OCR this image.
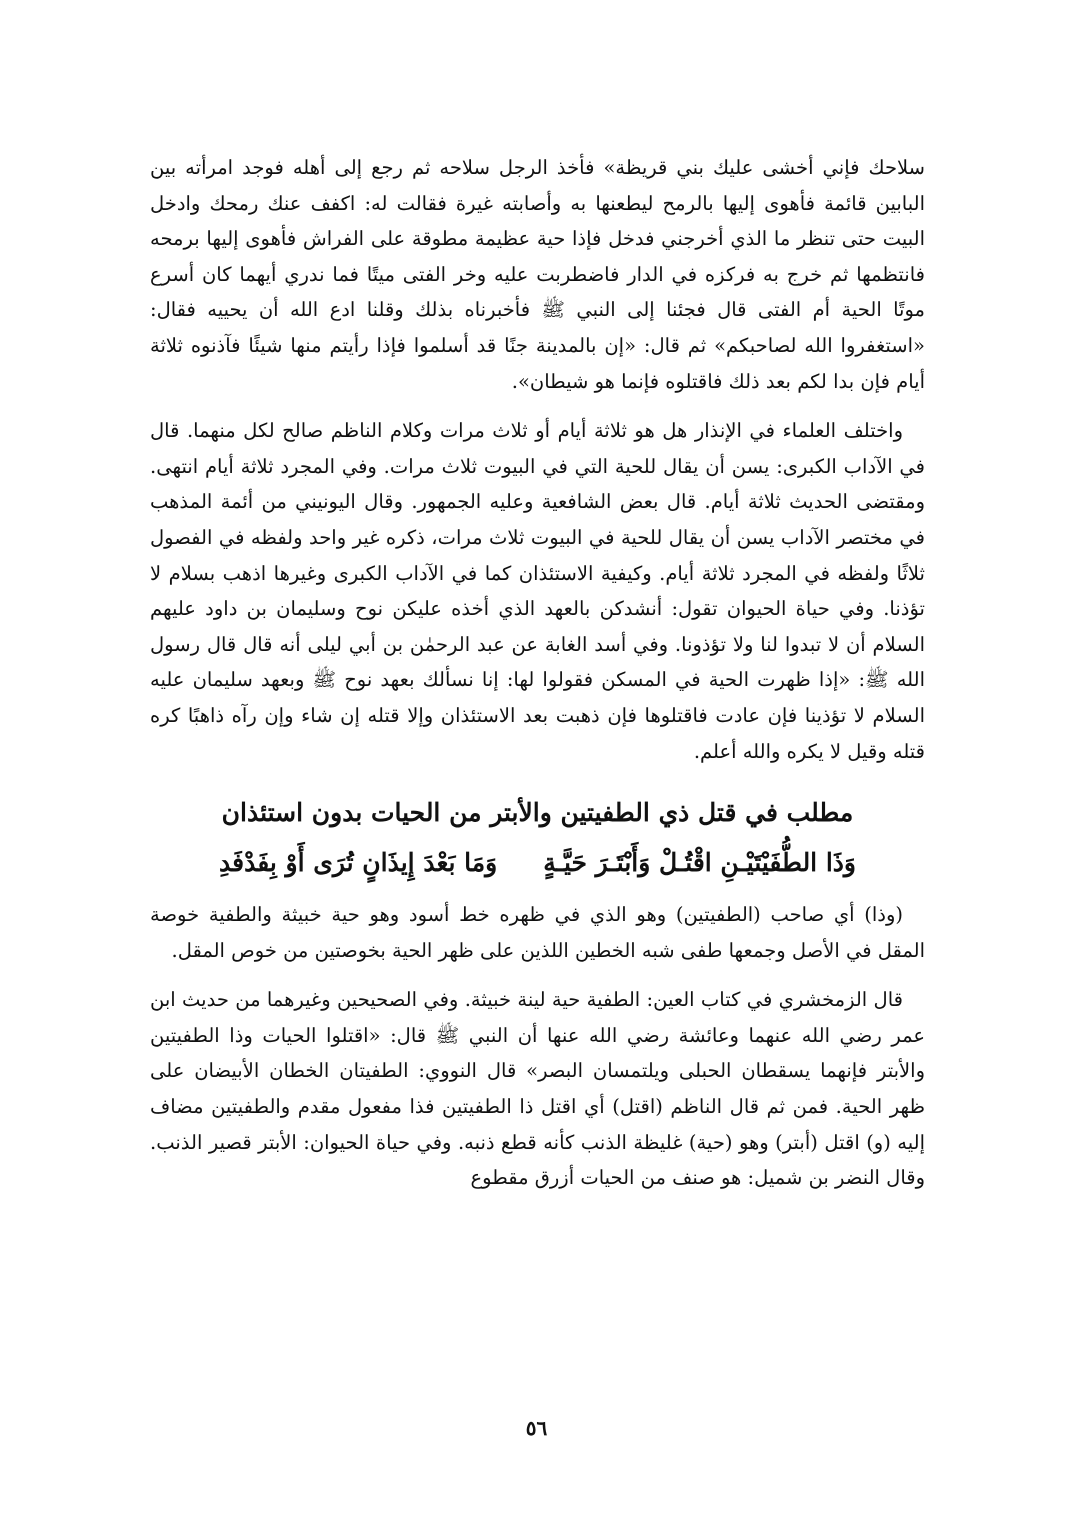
سلاحك فإني أخشى عليك بني قريظة» فأخذ الرجل سلاحه ثم رجع إلى أهله فوجد امرأته بين البابين قائمة فأهوى إليها بالرمح ليطعنها به وأصابته غيرة فقالت له: اكفف عنك رمحك وادخل البيت حتى تنظر ما الذي أخرجني فدخل فإذا حية عظيمة مطوقة على الفراش فأهوى إليها برمحه فانتظمها ثم خرج به فركزه في الدار فاضطربت عليه وخر الفتى ميتًا فما ندري أيهما كان أسرع موتًا الحية أم الفتى قال فجئنا إلى النبي ﷺ فأخبرناه بذلك وقلنا ادع الله أن يحييه فقال: «استغفروا الله لصاحبكم» ثم قال: «إن بالمدينة جنًا قد أسلموا فإذا رأيتم منها شيئًا فآذنوه ثلاثة أيام فإن بدا لكم بعد ذلك فاقتلوه فإنما هو شيطان».

واختلف العلماء في الإنذار هل هو ثلاثة أيام أو ثلاث مرات وكلام الناظم صالح لكل منهما. قال في الآداب الكبرى: يسن أن يقال للحية التي في البيوت ثلاث مرات. وفي المجرد ثلاثة أيام انتهى. ومقتضى الحديث ثلاثة أيام. قال بعض الشافعية وعليه الجمهور. وقال اليونيني من أئمة المذهب في مختصر الآداب يسن أن يقال للحية في البيوت ثلاث مرات، ذكره غير واحد ولفظه في الفصول ثلاثًا ولفظه في المجرد ثلاثة أيام. وكيفية الاستئذان كما في الآداب الكبرى وغيرها اذهب بسلام لا تؤذنا. وفي حياة الحيوان تقول: أنشدكن بالعهد الذي أخذه عليكن نوح وسليمان بن داود عليهم السلام أن لا تبدوا لنا ولا تؤذونا. وفي أسد الغابة عن عبد الرحمٰن بن أبي ليلى أنه قال قال رسول الله ﷺ: «إذا ظهرت الحية في المسكن فقولوا لها: إنا نسألك بعهد نوح ﷺ وبعهد سليمان عليه السلام لا تؤذينا فإن عادت فاقتلوها فإن ذهبت بعد الاستئذان وإلا قتله إن شاء وإن رآه ذاهبًا كره قتله وقيل لا يكره والله أعلم.

مطلب في قتل ذي الطفيتين والأبتر من الحيات بدون استئذان
وَذَا الطُّفَيْتَيْـنِ اقْتُـلْ وَأَبْتَـرَ حَيَّـةٍ
وَمَا بَعْدَ إِيذَانٍ تُرَى أَوْ بِفَدْفَدِ

(وذا) أي صاحب (الطفيتين) وهو الذي في ظهره خط أسود وهو حية خبيثة والطفية خوصة المقل في الأصل وجمعها طفى شبه الخطين اللذين على ظهر الحية بخوصتين من خوص المقل.

قال الزمخشري في كتاب العين: الطفية حية لينة خبيثة. وفي الصحيحين وغيرهما من حديث ابن عمر رضي الله عنهما وعائشة رضي الله عنها أن النبي ﷺ قال: «اقتلوا الحيات وذا الطفيتين والأبتر فإنهما يسقطان الحبلى ويلتمسان البصر» قال النووي: الطفيتان الخطان الأبيضان على ظهر الحية. فمن ثم قال الناظم (اقتل) أي اقتل ذا الطفيتين فذا مفعول مقدم والطفيتين مضاف إليه (و) اقتل (أبتر) وهو (حية) غليظة الذنب كأنه قطع ذنبه. وفي حياة الحيوان: الأبتر قصير الذنب. وقال النضر بن شميل: هو صنف من الحيات أزرق مقطوع

٥٦
